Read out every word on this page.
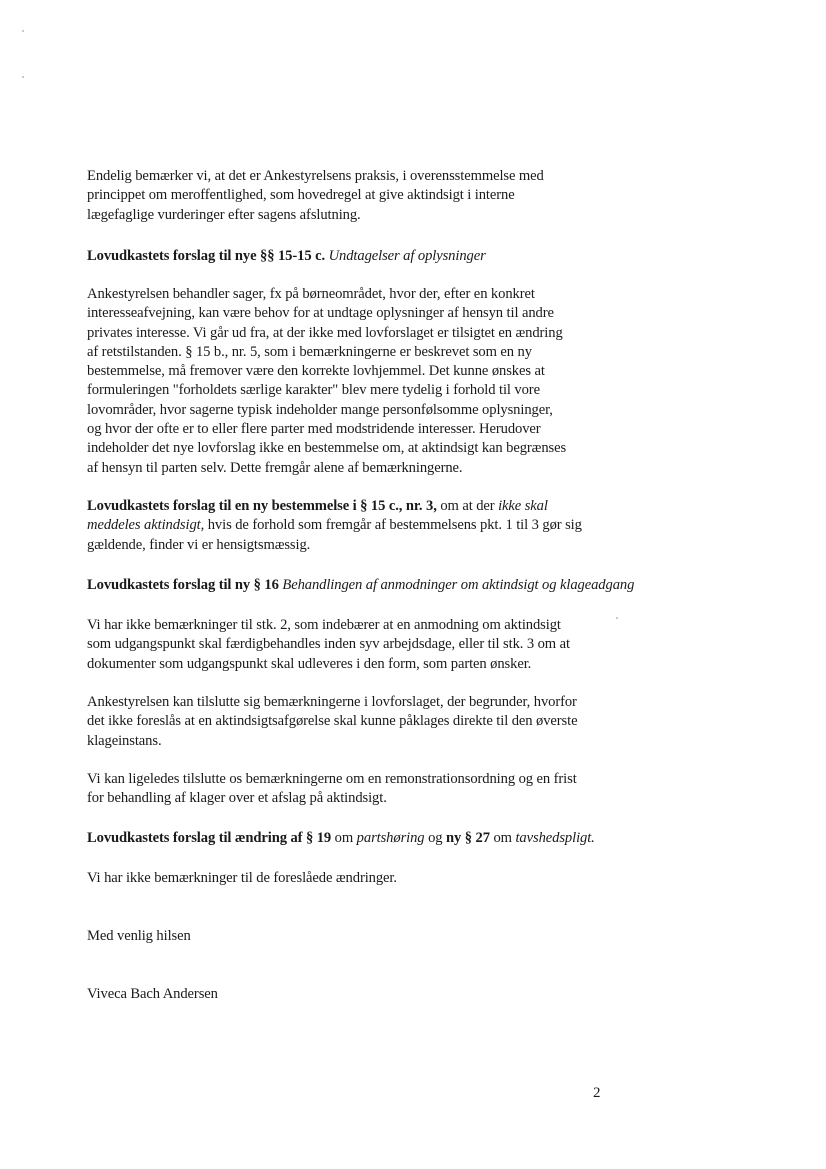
Endelig bemærker vi, at det er Ankestyrelsens praksis, i overensstemmelse med
princippet om meroffentlighed, som hovedregel at give aktindsigt i interne
lægefaglige vurderinger efter sagens afslutning.

Lovudkastets forslag til nye §§ 15-15 c. Undtagelser af oplysninger

Ankestyrelsen behandler sager, fx på børneområdet, hvor der, efter en konkret
interesseafvejning, kan være behov for at undtage oplysninger af hensyn til andre
privates interesse. Vi går ud fra, at der ikke med lovforslaget er tilsigtet en ændring
af retstilstanden. § 15 b., nr. 5, som i bemærkningerne er beskrevet som en ny
bestemmelse, må fremover være den korrekte lovhjemmel. Det kunne ønskes at
formuleringen "forholdets særlige karakter" blev mere tydelig i forhold til vore
lovområder, hvor sagerne typisk indeholder mange personfølsomme oplysninger,
og hvor der ofte er to eller flere parter med modstridende interesser. Herudover
indeholder det nye lovforslag ikke en bestemmelse om, at aktindsigt kan begrænses
af hensyn til parten selv. Dette fremgår alene af bemærkningerne.

Lovudkastets forslag til en ny bestemmelse i § 15 c., nr. 3, om at der ikke skal
meddeles aktindsigt, hvis de forhold som fremgår af bestemmelsens pkt. 1 til 3 gør sig
gældende, finder vi er hensigtsmæssig.

Lovudkastets forslag til ny § 16 Behandlingen af anmodninger om aktindsigt og klageadgang

Vi har ikke bemærkninger til stk. 2, som indebærer at en anmodning om aktindsigt
som udgangspunkt skal færdigbehandles inden syv arbejdsdage, eller til stk. 3 om at
dokumenter som udgangspunkt skal udleveres i den form, som parten ønsker.

Ankestyrelsen kan tilslutte sig bemærkningerne i lovforslaget, der begrunder, hvorfor
det ikke foreslås at en aktindsigtsafgørelse skal kunne påklages direkte til den øverste
klageinstans.

Vi kan ligeledes tilslutte os bemærkningerne om en remonstrationsordning og en frist
for behandling af klager over et afslag på aktindsigt.

Lovudkastets forslag til ændring af § 19 om partshøring og ny § 27 om tavshedspligt.

Vi har ikke bemærkninger til de foreslåede ændringer.

Med venlig hilsen

Viveca Bach Andersen

2
